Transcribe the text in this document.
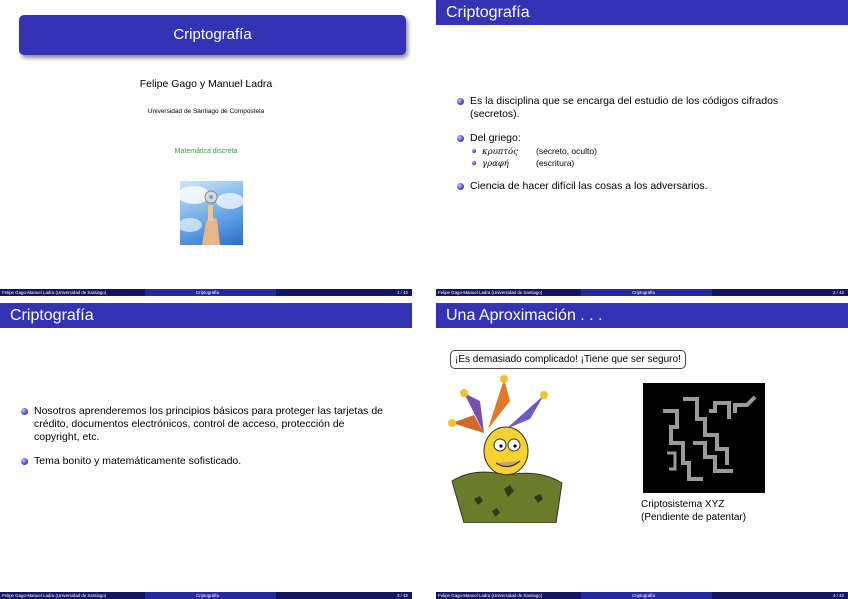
Criptografía
Felipe Gago y Manuel Ladra
Universidad de Santiago de Compostela
Matemática discreta
Felipe Gago-Manuel Ladra (Universidad de Santiago)	Criptografía	1 / 42
Criptografía
Es la disciplina que se encarga del estudio de los códigos cifrados (secretos).
Del griego:
κρυπτός (secreto, oculto)
γραφή	(escritura)
Ciencia de hacer difícil las cosas a los adversarios.
Felipe Gago-Manuel Ladra (Universidad de Santiago)	Criptografía	2 / 42
Criptografía
Nosotros aprenderemos los principios básicos para proteger las tarjetas de crédito, documentos electrónicos, control de acceso, protección de copyright, etc.
Tema bonito y matemáticamente sofisticado.
Felipe Gago-Manuel Ladra (Universidad de Santiago)	Criptografía	3 / 42
Una Aproximación . . .
¡Es demasiado complicado! ¡Tiene que ser seguro!
Criptosistema XYZ
(Pendiente de patentar)
Felipe Gago-Manuel Ladra (Universidad de Santiago)	Criptografía	4 / 42
